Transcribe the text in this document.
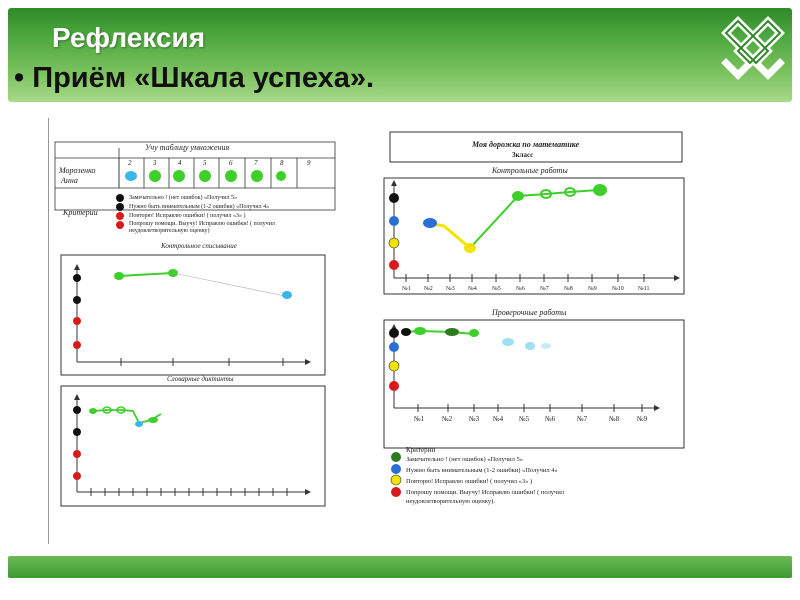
Рефлексия
• Приём «Шкала успеха».
Учу таблицу умножения
2	3	4	5	6	7	8	9
Морозенко
Анна
Критерии
Замечательно ! (нет ошибок) «Получил 5»
Нужно быть внимательным (1-2 ошибки) «Получил 4»
Повторю! Исправлю ошибки! ( получил «3» )
Попрошу помощи. Выучу! Исправлю ошибки! ( получил неудовлетворительную оценку)
Контрольное списывание
Словарные диктанты
Моя дорожка по математике
3класс
Контрольные работы
№1 №2 №3 №4	№5	№6	№7	№8	№9	№10 №11
Проверочные работы
№1	№2 №3 №4 №5 №6	№7	№8	№9
Критерии
Замечательно ! (нет ошибок) «Получил 5»
Нужно быть внимательным (1-2 ошибки) «Получил 4»
Повторю! Исправлю ошибки! ( получил «3» )
Попрошу помощи. Выучу! Исправлю ошибки! ( получил
неудовлетворительную оценку).
